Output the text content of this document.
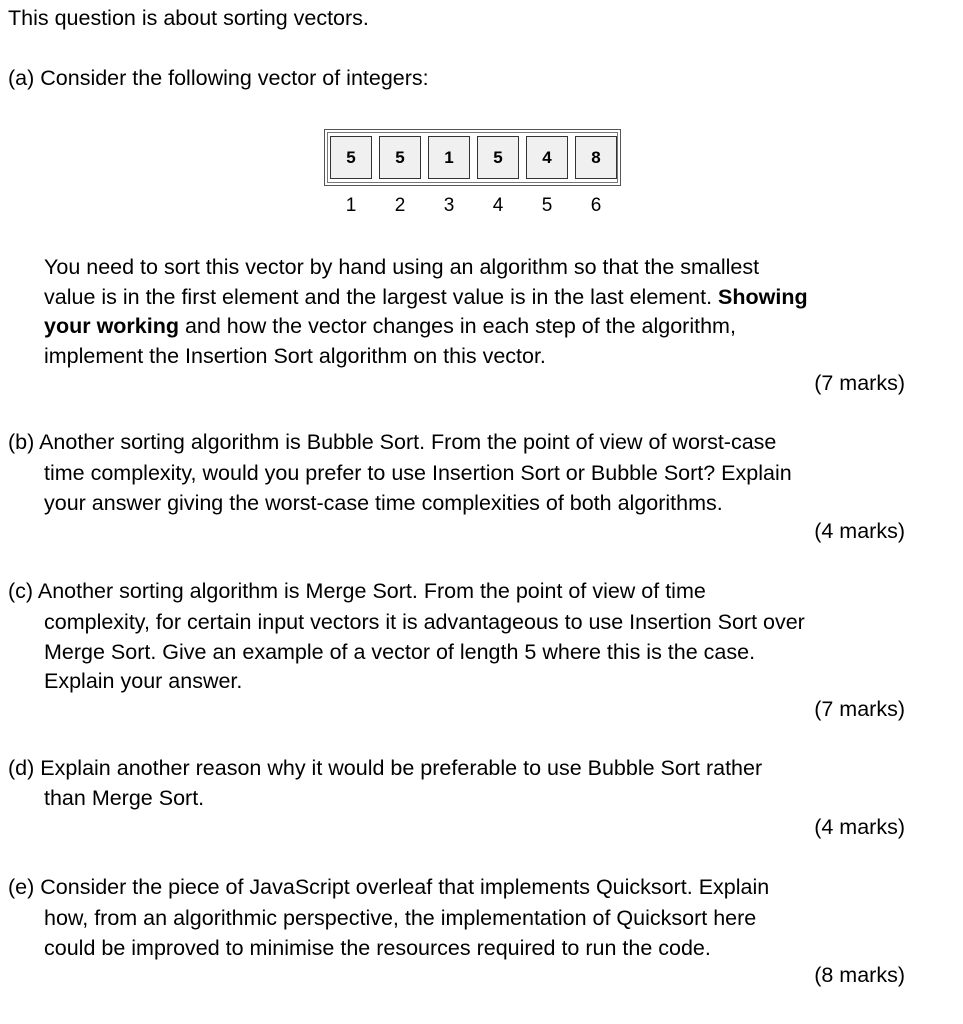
This question is about sorting vectors.
(a) Consider the following vector of integers:
5	5	1	5	4	8
1	2	3	4	5	6
You need to sort this vector by hand using an algorithm so that the smallest
value is in the first element and the largest value is in the last element. Showing
your working and how the vector changes in each step of the algorithm,
implement the Insertion Sort algorithm on this vector.
(7 marks)
(b) Another sorting algorithm is Bubble Sort. From the point of view of worst-case
time complexity, would you prefer to use Insertion Sort or Bubble Sort? Explain
your answer giving the worst-case time complexities of both algorithms.
(4 marks)
(c) Another sorting algorithm is Merge Sort. From the point of view of time
complexity, for certain input vectors it is advantageous to use Insertion Sort over
Merge Sort. Give an example of a vector of length 5 where this is the case.
Explain your answer.
(7 marks)
(d) Explain another reason why it would be preferable to use Bubble Sort rather
than Merge Sort.
(4 marks)
(e) Consider the piece of JavaScript overleaf that implements Quicksort. Explain
how, from an algorithmic perspective, the implementation of Quicksort here
could be improved to minimise the resources required to run the code.
(8 marks)
